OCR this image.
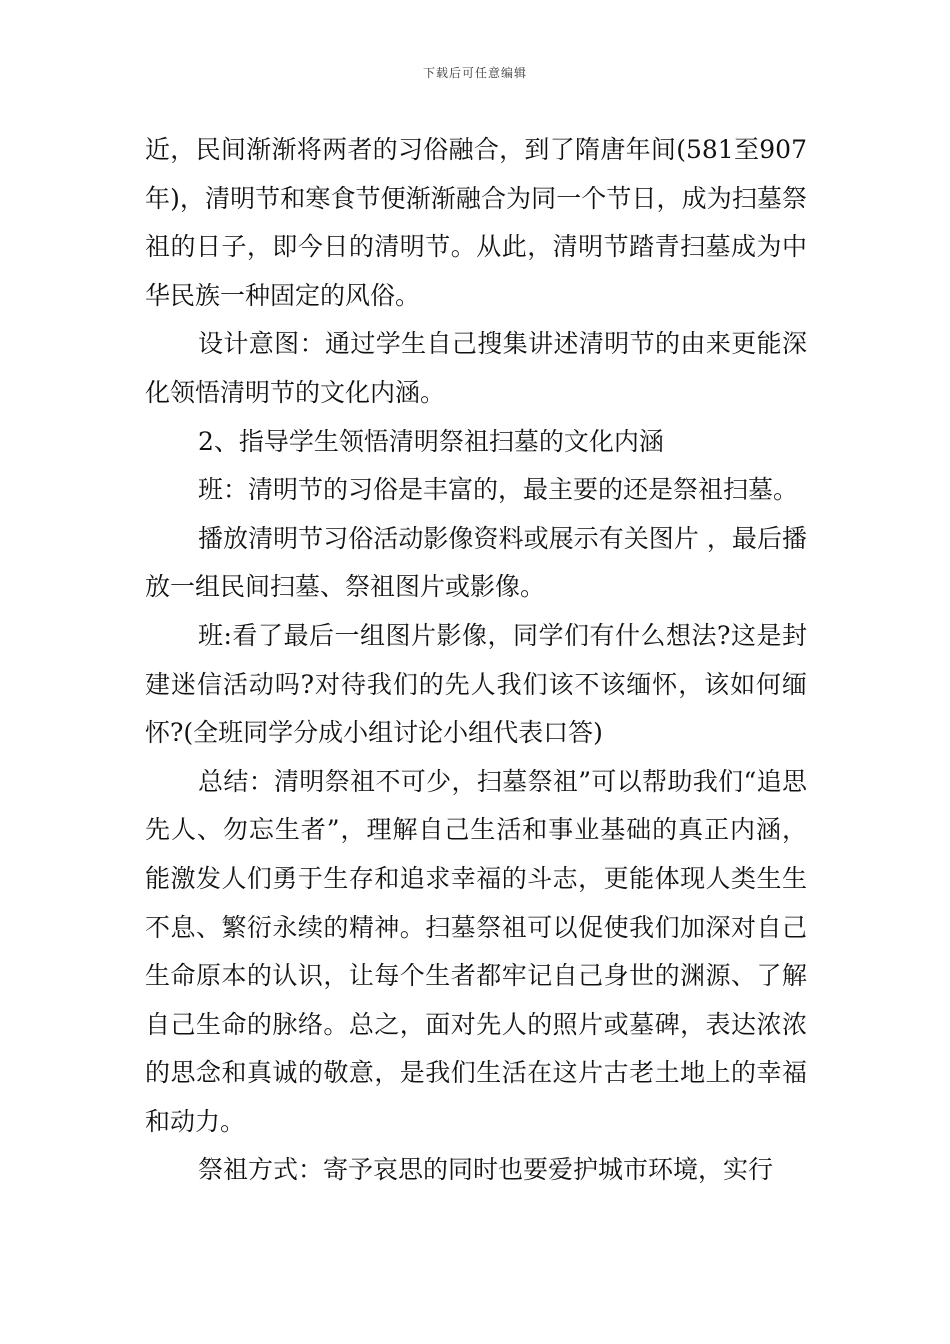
下载后可任意编辑

近，民间渐渐将两者的习俗融合，到了隋唐年间(581至907年)，清明节和寒食节便渐渐融合为同一个节日，成为扫墓祭祖的日子，即今日的清明节。从此，清明节踏青扫墓成为中华民族一种固定的风俗。

设计意图：通过学生自己搜集讲述清明节的由来更能深化领悟清明节的文化内涵。

2、指导学生领悟清明祭祖扫墓的文化内涵

班：清明节的习俗是丰富的，最主要的还是祭祖扫墓。

播放清明节习俗活动影像资料或展示有关图片 ，最后播放一组民间扫墓、祭祖图片或影像。

班:看了最后一组图片影像，同学们有什么想法?这是封建迷信活动吗?对待我们的先人我们该不该缅怀，该如何缅怀?(全班同学分成小组讨论小组代表口答)

总结：清明祭祖不可少，扫墓祭祖”可以帮助我们“追思先人、勿忘生者”，理解自己生活和事业基础的真正内涵，能激发人们勇于生存和追求幸福的斗志，更能体现人类生生不息、繁衍永续的精神。扫墓祭祖可以促使我们加深对自己生命原本的认识，让每个生者都牢记自己身世的渊源、了解自己生命的脉络。总之，面对先人的照片或墓碑，表达浓浓的思念和真诚的敬意，是我们生活在这片古老土地上的幸福和动力。

祭祖方式：寄予哀思的同时也要爱护城市环境，实行
